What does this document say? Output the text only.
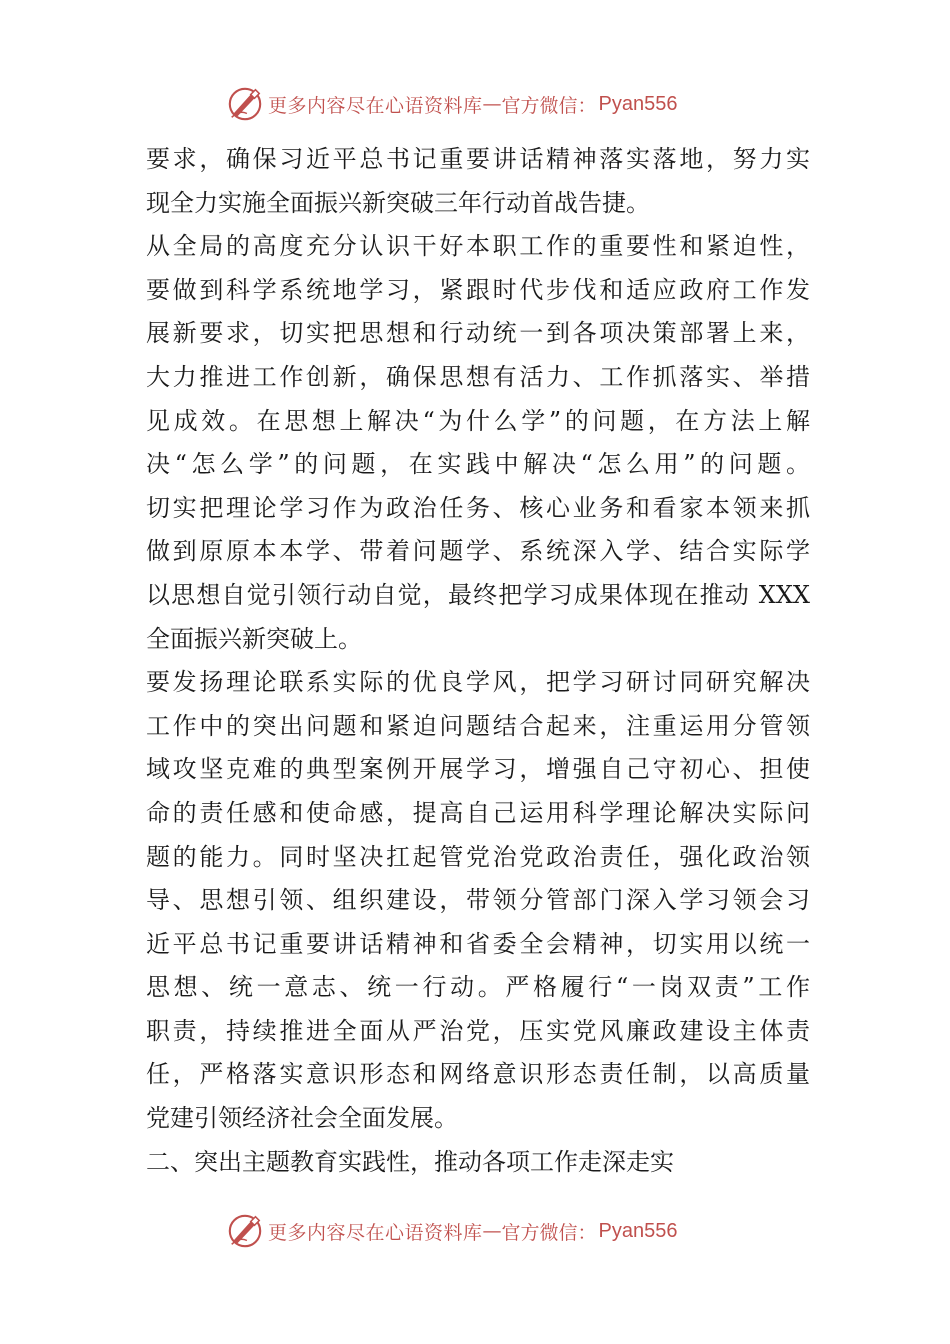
更多内容尽在心语资料库 — 官方微信： Pyan556
要求，确保习近平总书记重要讲话精神落实落地，努力实
现全力实施全面振兴新突破三年行动首战告捷。
从全局的高度充分认识干好本职工作的重要性和紧迫性，
要做到科学系统地学习，紧跟时代步伐和适应政府工作发
展新要求，切实把思想和行动统一到各项决策部署上来，
大力推进工作创新，确保思想有活力、工作抓落实、举措
见成效。在思想上解决“为什么学”的问题，在方法上解
决“怎么学”的问题，在实践中解决“怎么用”的问题。
切实把理论学习作为政治任务、核心业务和看家本领来抓
做到原原本本学、带着问题学、系统深入学、结合实际学
以思想自觉引领行动自觉，最终把学习成果体现在推动 XXX
全面振兴新突破上。
要发扬理论联系实际的优良学风，把学习研讨同研究解决
工作中的突出问题和紧迫问题结合起来，注重运用分管领
域攻坚克难的典型案例开展学习，增强自己守初心、担使
命的责任感和使命感，提高自己运用科学理论解决实际问
题的能力。同时坚决扛起管党治党政治责任，强化政治领
导、思想引领、组织建设，带领分管部门深入学习领会习
近平总书记重要讲话精神和省委全会精神，切实用以统一
思想、统一意志、统一行动。严格履行“一岗双责”工作
职责，持续推进全面从严治党，压实党风廉政建设主体责
任，严格落实意识形态和网络意识形态责任制，以高质量
党建引领经济社会全面发展。
二、突出主题教育实践性，推动各项工作走深走实
更多内容尽在心语资料库 — 官方微信： Pyan556
